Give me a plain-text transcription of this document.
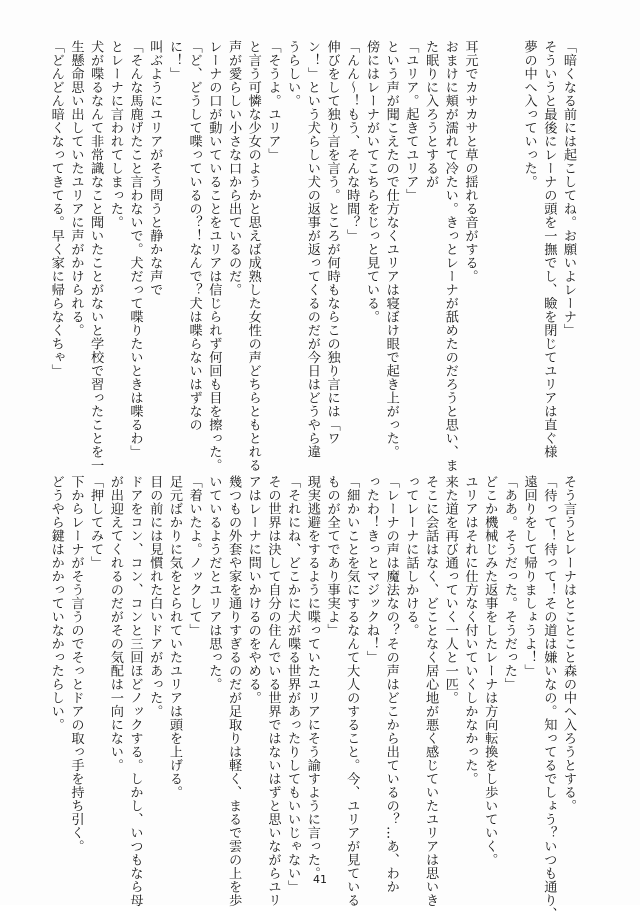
「暗くなる前には起こしてね。お願いよレーナ」
そういうと最後にレーナの頭を一撫でし、瞼を閉じてユリアは直ぐ様
夢の中へ入っていった。
耳元でカサカサと草の揺れる音がする。
おまけに頬が濡れて冷たい。きっとレーナが舐めたのだろうと思い、ま
た眠りに入ろうとするが
「ユリア。起きてユリア」
という声が聞こえたので仕方なくユリアは寝ぼけ眼で起き上がった。
傍にはレーナがいてこちらをじっと見ている。
「んん〜！もう、そんな時間？」
伸びをして独り言を言う。ところが何時もならこの独り言には「ワ
ン！」という犬らしい犬の返事が返ってくるのだが今日はどうやら違
うらしい。
「そうよ。ユリア」
と言う可憐な少女のようかと思えば成熟した女性の声どちらともとれる
声が愛らしい小さな口から出ているのだ。
レーナの口が動いていることをユリアは信じられず何回も目を擦った。
「ど、どうして喋っているの？！なんで？犬は喋らないはずなの
に！」
叫ぶようにユリアがそう問うと静かな声で
「そんな馬鹿げたこと言わないで。犬だって喋りたいときは喋るわ」
とレーナに言われてしまった。
犬が喋るなんて非常識なこと聞いたことがないと学校で習ったことを一
生懸命思い出していたユリアに声がかけられる。
「どんどん暗くなってきてる。早く家に帰らなくちゃ」
そう言うとレーナはとことこと森の中へ入ろうとする。
「待って！待って！その道は嫌いなの。知ってるでしょう？いつも通り、
遠回りをして帰りましょうよ！」
「ああ。そうだった。そうだった」
どこか機械じみた返事をしたレーナは方向転換をし歩いていく。
ユリアはそれに仕方なく付いていくしかなかった。
来た道を再び通っていく一人と一匹。
そこに会話はなく、どことなく居心地が悪く感じていたユリアは思いき
ってレーナに話しかける。
「レーナの声は魔法なの？その声はどこから出ているの？…あ、わか
ったわ！きっとマジックね！」
「細かいことを気にするなんて大人のすること。今、ユリアが見ている
ものが全てであり事実よ」
現実逃避をするように喋っていたユリアにそう諭すように言った。
「それにね、どこかに犬が喋る世界があったりしてもいいじゃない」
その世界は決して自分の住んでいる世界ではないはずと思いながらユリ
アはレーナに問いかけるのをやめる。
幾つもの外套や家を通りすぎるのだが足取りは軽く、まるで雲の上を歩
いているようだとユリアは思った。
「着いたよ。ノックして」
足元ばかりに気をとられていたユリアは頭を上げる。
目の前には見慣れた白いドアがあった。
ドアをコン、コン、コンと三回ほどノックする。しかし、いつもなら母
が出迎えてくれるのだがその気配は一向にない。
「押してみて」
下からレーナがそう言うのでそっとドアの取っ手を持ち引く。
どうやら鍵はかかっていなかったらしい。
41
